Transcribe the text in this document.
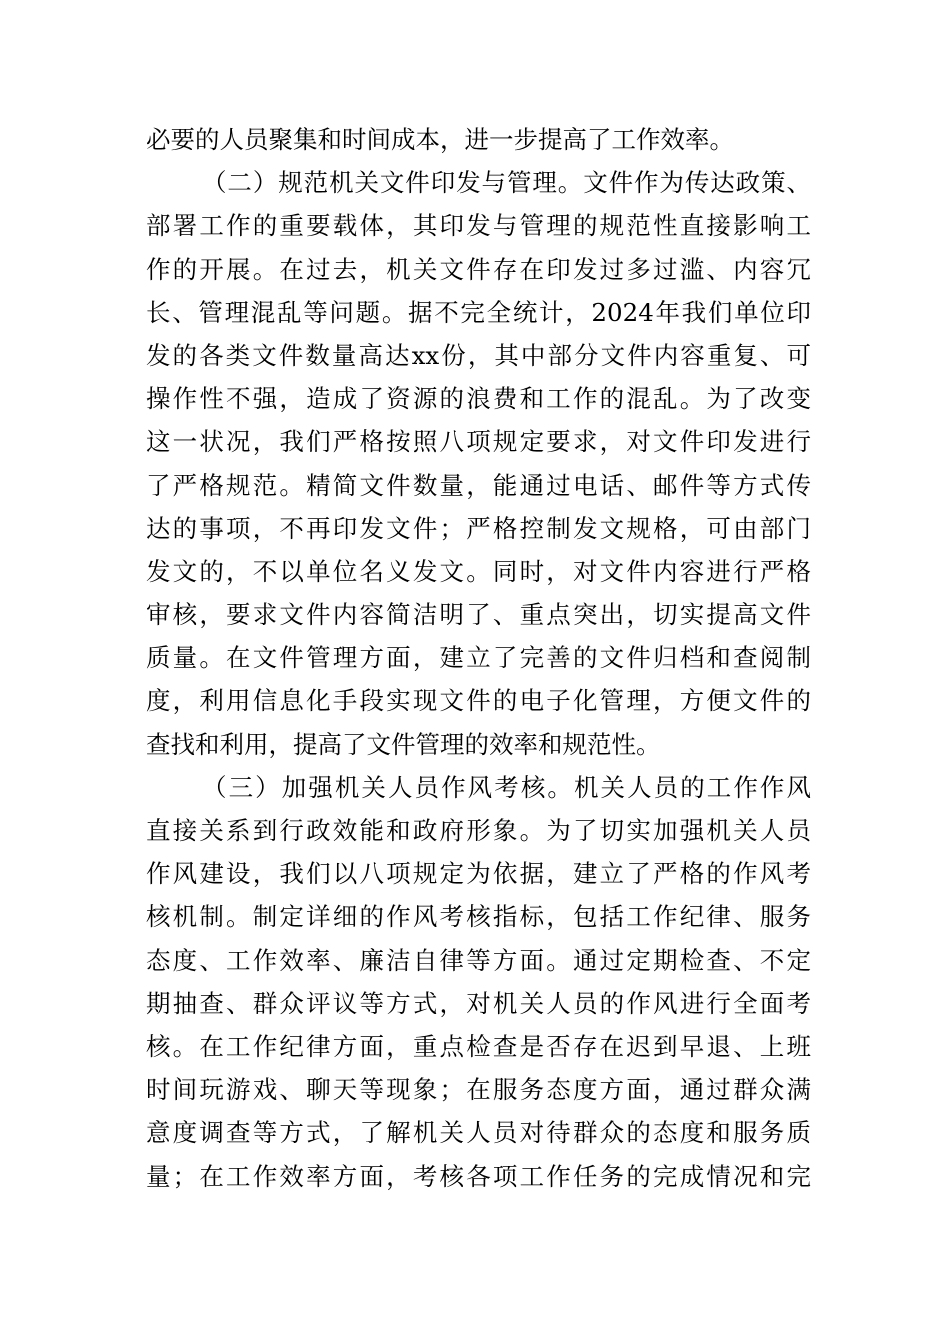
必要的人员聚集和时间成本，进一步提高了工作效率。
（二）规范机关文件印发与管理。文件作为传达政策、
部署工作的重要载体，其印发与管理的规范性直接影响工
作的开展。在过去，机关文件存在印发过多过滥、内容冗
长、管理混乱等问题。据不完全统计，2024年我们单位印
发的各类文件数量高达xx份，其中部分文件内容重复、可
操作性不强，造成了资源的浪费和工作的混乱。为了改变
这一状况，我们严格按照八项规定要求，对文件印发进行
了严格规范。精简文件数量，能通过电话、邮件等方式传
达的事项，不再印发文件；严格控制发文规格，可由部门
发文的，不以单位名义发文。同时，对文件内容进行严格
审核，要求文件内容简洁明了、重点突出，切实提高文件
质量。在文件管理方面，建立了完善的文件归档和查阅制
度，利用信息化手段实现文件的电子化管理，方便文件的
查找和利用，提高了文件管理的效率和规范性。
（三）加强机关人员作风考核。机关人员的工作作风
直接关系到行政效能和政府形象。为了切实加强机关人员
作风建设，我们以八项规定为依据，建立了严格的作风考
核机制。制定详细的作风考核指标，包括工作纪律、服务
态度、工作效率、廉洁自律等方面。通过定期检查、不定
期抽查、群众评议等方式，对机关人员的作风进行全面考
核。在工作纪律方面，重点检查是否存在迟到早退、上班
时间玩游戏、聊天等现象；在服务态度方面，通过群众满
意度调查等方式，了解机关人员对待群众的态度和服务质
量；在工作效率方面，考核各项工作任务的完成情况和完
